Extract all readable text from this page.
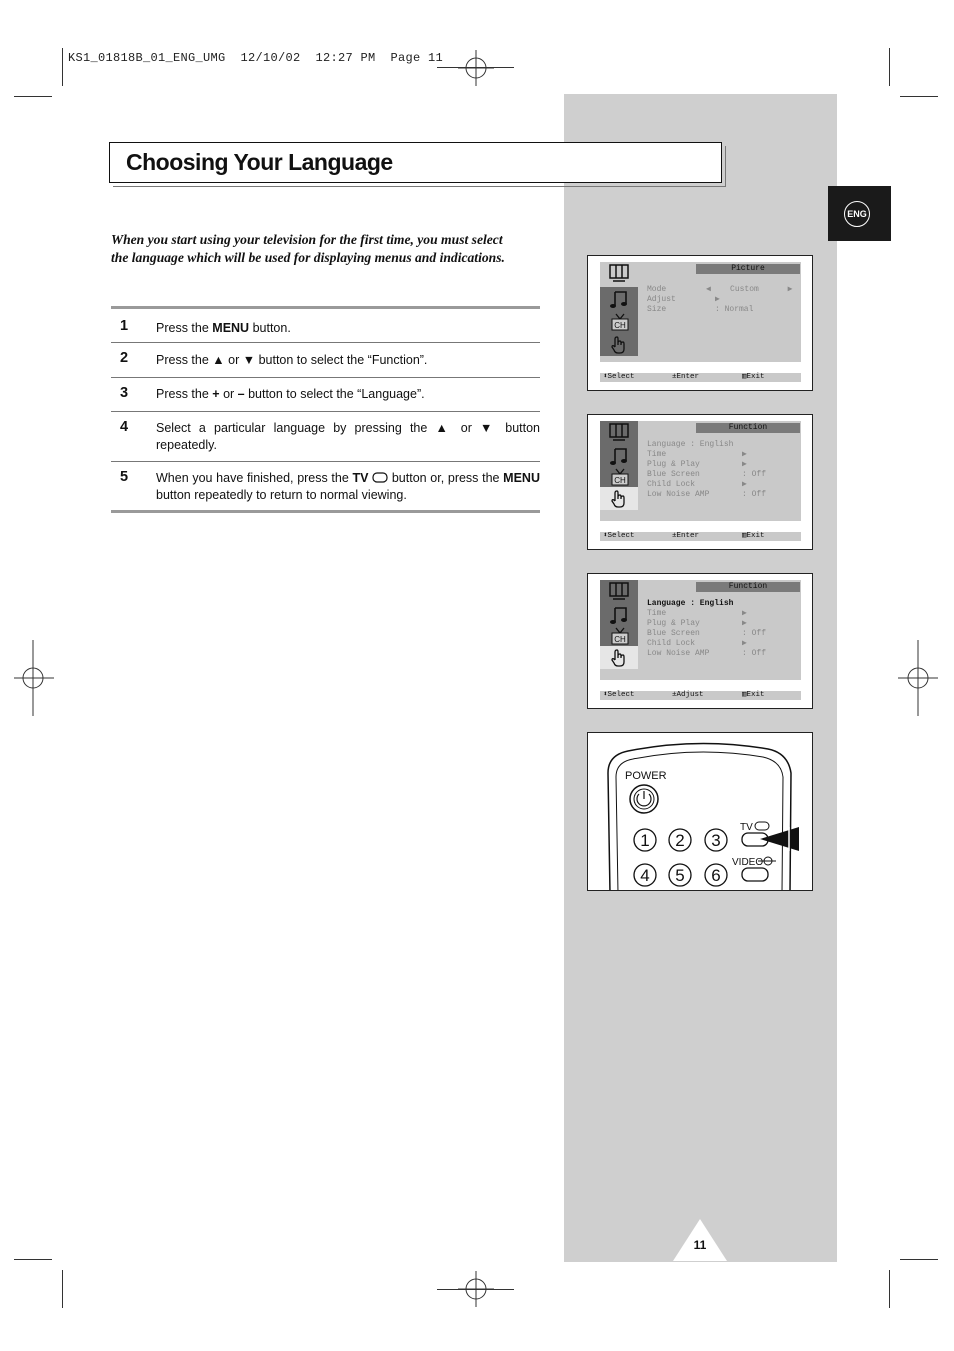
KS1_01818B_01_ENG_UMG  12/10/02  12:27 PM  Page 11
ENG
Choosing Your Language
When you start using your television for the first time, you must select the language which will be used for displaying menus and indications.
1 Press the MENU button.
2 Press the ▲ or ▼ button to select the “Function”.
3 Press the + or – button to select the “Language”.
4 Select a particular language by pressing the ▲ or ▼ button repeatedly.
5 When you have finished, press the TV  button or, press the MENU button repeatedly to return to normal viewing.
CH
Picture
Mode	◀    Custom      ▶
Adjust	▶
Size	: Normal
⬍Select	±Enter	▥Exit
CH
Function
Language : English
Time	▶
Plug & Play	▶
Blue Screen	: Off
Child Lock	▶
Low Noise AMP	: Off
⬍Select	±Enter	▥Exit
CH
Function
Language : English
Time	▶
Plug & Play	▶
Blue Screen	: Off
Child Lock	▶
Low Noise AMP	: Off
⬍Select	±Adjust	▥Exit
POWER
TV
VIDEO
1 2 3
4 5 6
11
